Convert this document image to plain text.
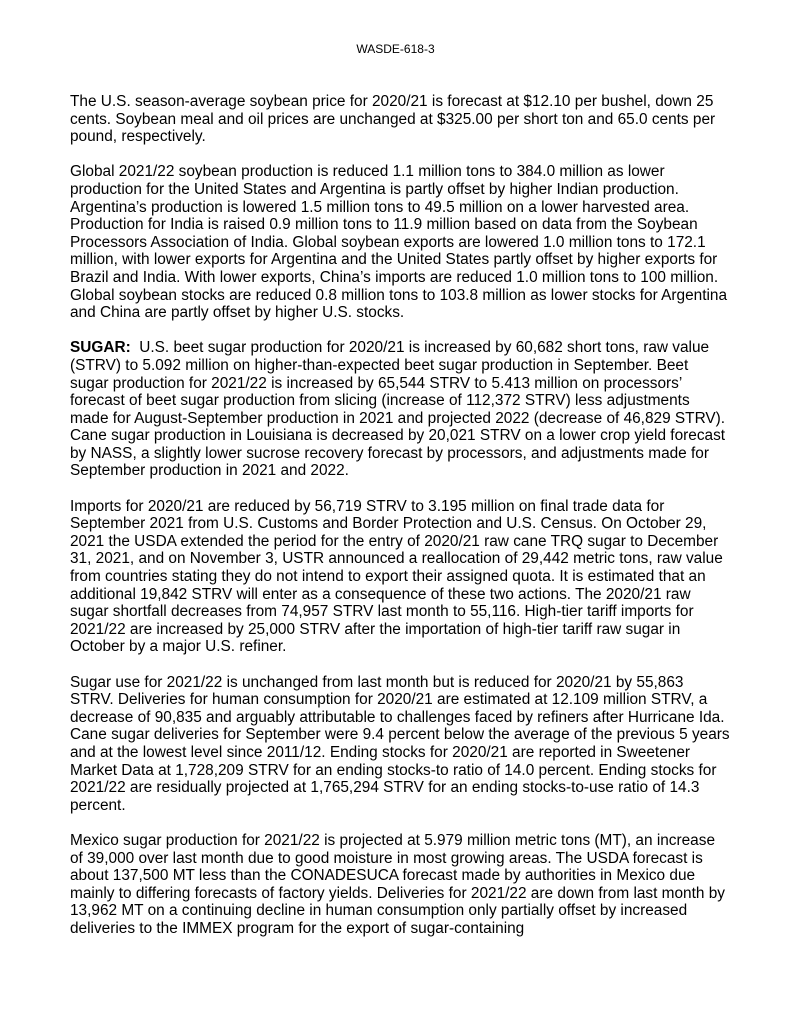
WASDE-618-3

The U.S. season-average soybean price for 2020/21 is forecast at $12.10 per bushel, down 25 cents. Soybean meal and oil prices are unchanged at $325.00 per short ton and 65.0 cents per pound, respectively.

Global 2021/22 soybean production is reduced 1.1 million tons to 384.0 million as lower production for the United States and Argentina is partly offset by higher Indian production. Argentina’s production is lowered 1.5 million tons to 49.5 million on a lower harvested area. Production for India is raised 0.9 million tons to 11.9 million based on data from the Soybean Processors Association of India. Global soybean exports are lowered 1.0 million tons to 172.1 million, with lower exports for Argentina and the United States partly offset by higher exports for Brazil and India. With lower exports, China’s imports are reduced 1.0 million tons to 100 million. Global soybean stocks are reduced 0.8 million tons to 103.8 million as lower stocks for Argentina and China are partly offset by higher U.S. stocks.

SUGAR:  U.S. beet sugar production for 2020/21 is increased by 60,682 short tons, raw value (STRV) to 5.092 million on higher-than-expected beet sugar production in September. Beet sugar production for 2021/22 is increased by 65,544 STRV to 5.413 million on processors’ forecast of beet sugar production from slicing (increase of 112,372 STRV) less adjustments made for August-September production in 2021 and projected 2022 (decrease of 46,829 STRV).  Cane sugar production in Louisiana is decreased by 20,021 STRV on a lower crop yield forecast by NASS, a slightly lower sucrose recovery forecast by processors, and adjustments made for September production in 2021 and 2022.

Imports for 2020/21 are reduced by 56,719 STRV to 3.195 million on final trade data for September 2021 from U.S. Customs and Border Protection and U.S. Census. On October 29, 2021 the USDA extended the period for the entry of 2020/21 raw cane TRQ sugar to December 31, 2021, and on November 3, USTR announced a reallocation of 29,442 metric tons, raw value from countries stating they do not intend to export their assigned quota. It is estimated that an additional 19,842 STRV will enter as a consequence of these two actions. The 2020/21 raw sugar shortfall decreases from 74,957 STRV last month to 55,116. High-tier tariff imports for 2021/22 are increased by 25,000 STRV after the importation of high-tier tariff raw sugar in October by a major U.S. refiner.

Sugar use for 2021/22 is unchanged from last month but is reduced for 2020/21 by 55,863 STRV. Deliveries for human consumption for 2020/21 are estimated at 12.109 million STRV, a decrease of 90,835 and arguably attributable to challenges faced by refiners after Hurricane Ida. Cane sugar deliveries for September were 9.4 percent below the average of the previous 5 years and at the lowest level since 2011/12. Ending stocks for 2020/21 are reported in Sweetener Market Data at 1,728,209 STRV for an ending stocks-to ratio of 14.0 percent. Ending stocks for 2021/22 are residually projected at 1,765,294 STRV for an ending stocks-to-use ratio of 14.3 percent.

Mexico sugar production for 2021/22 is projected at 5.979 million metric tons (MT), an increase of 39,000 over last month due to good moisture in most growing areas. The USDA forecast is about 137,500 MT less than the CONADESUCA forecast made by authorities in Mexico due mainly to differing forecasts of factory yields. Deliveries for 2021/22 are down from last month by 13,962 MT on a continuing decline in human consumption only partially offset by increased deliveries to the IMMEX program for the export of sugar-containing
